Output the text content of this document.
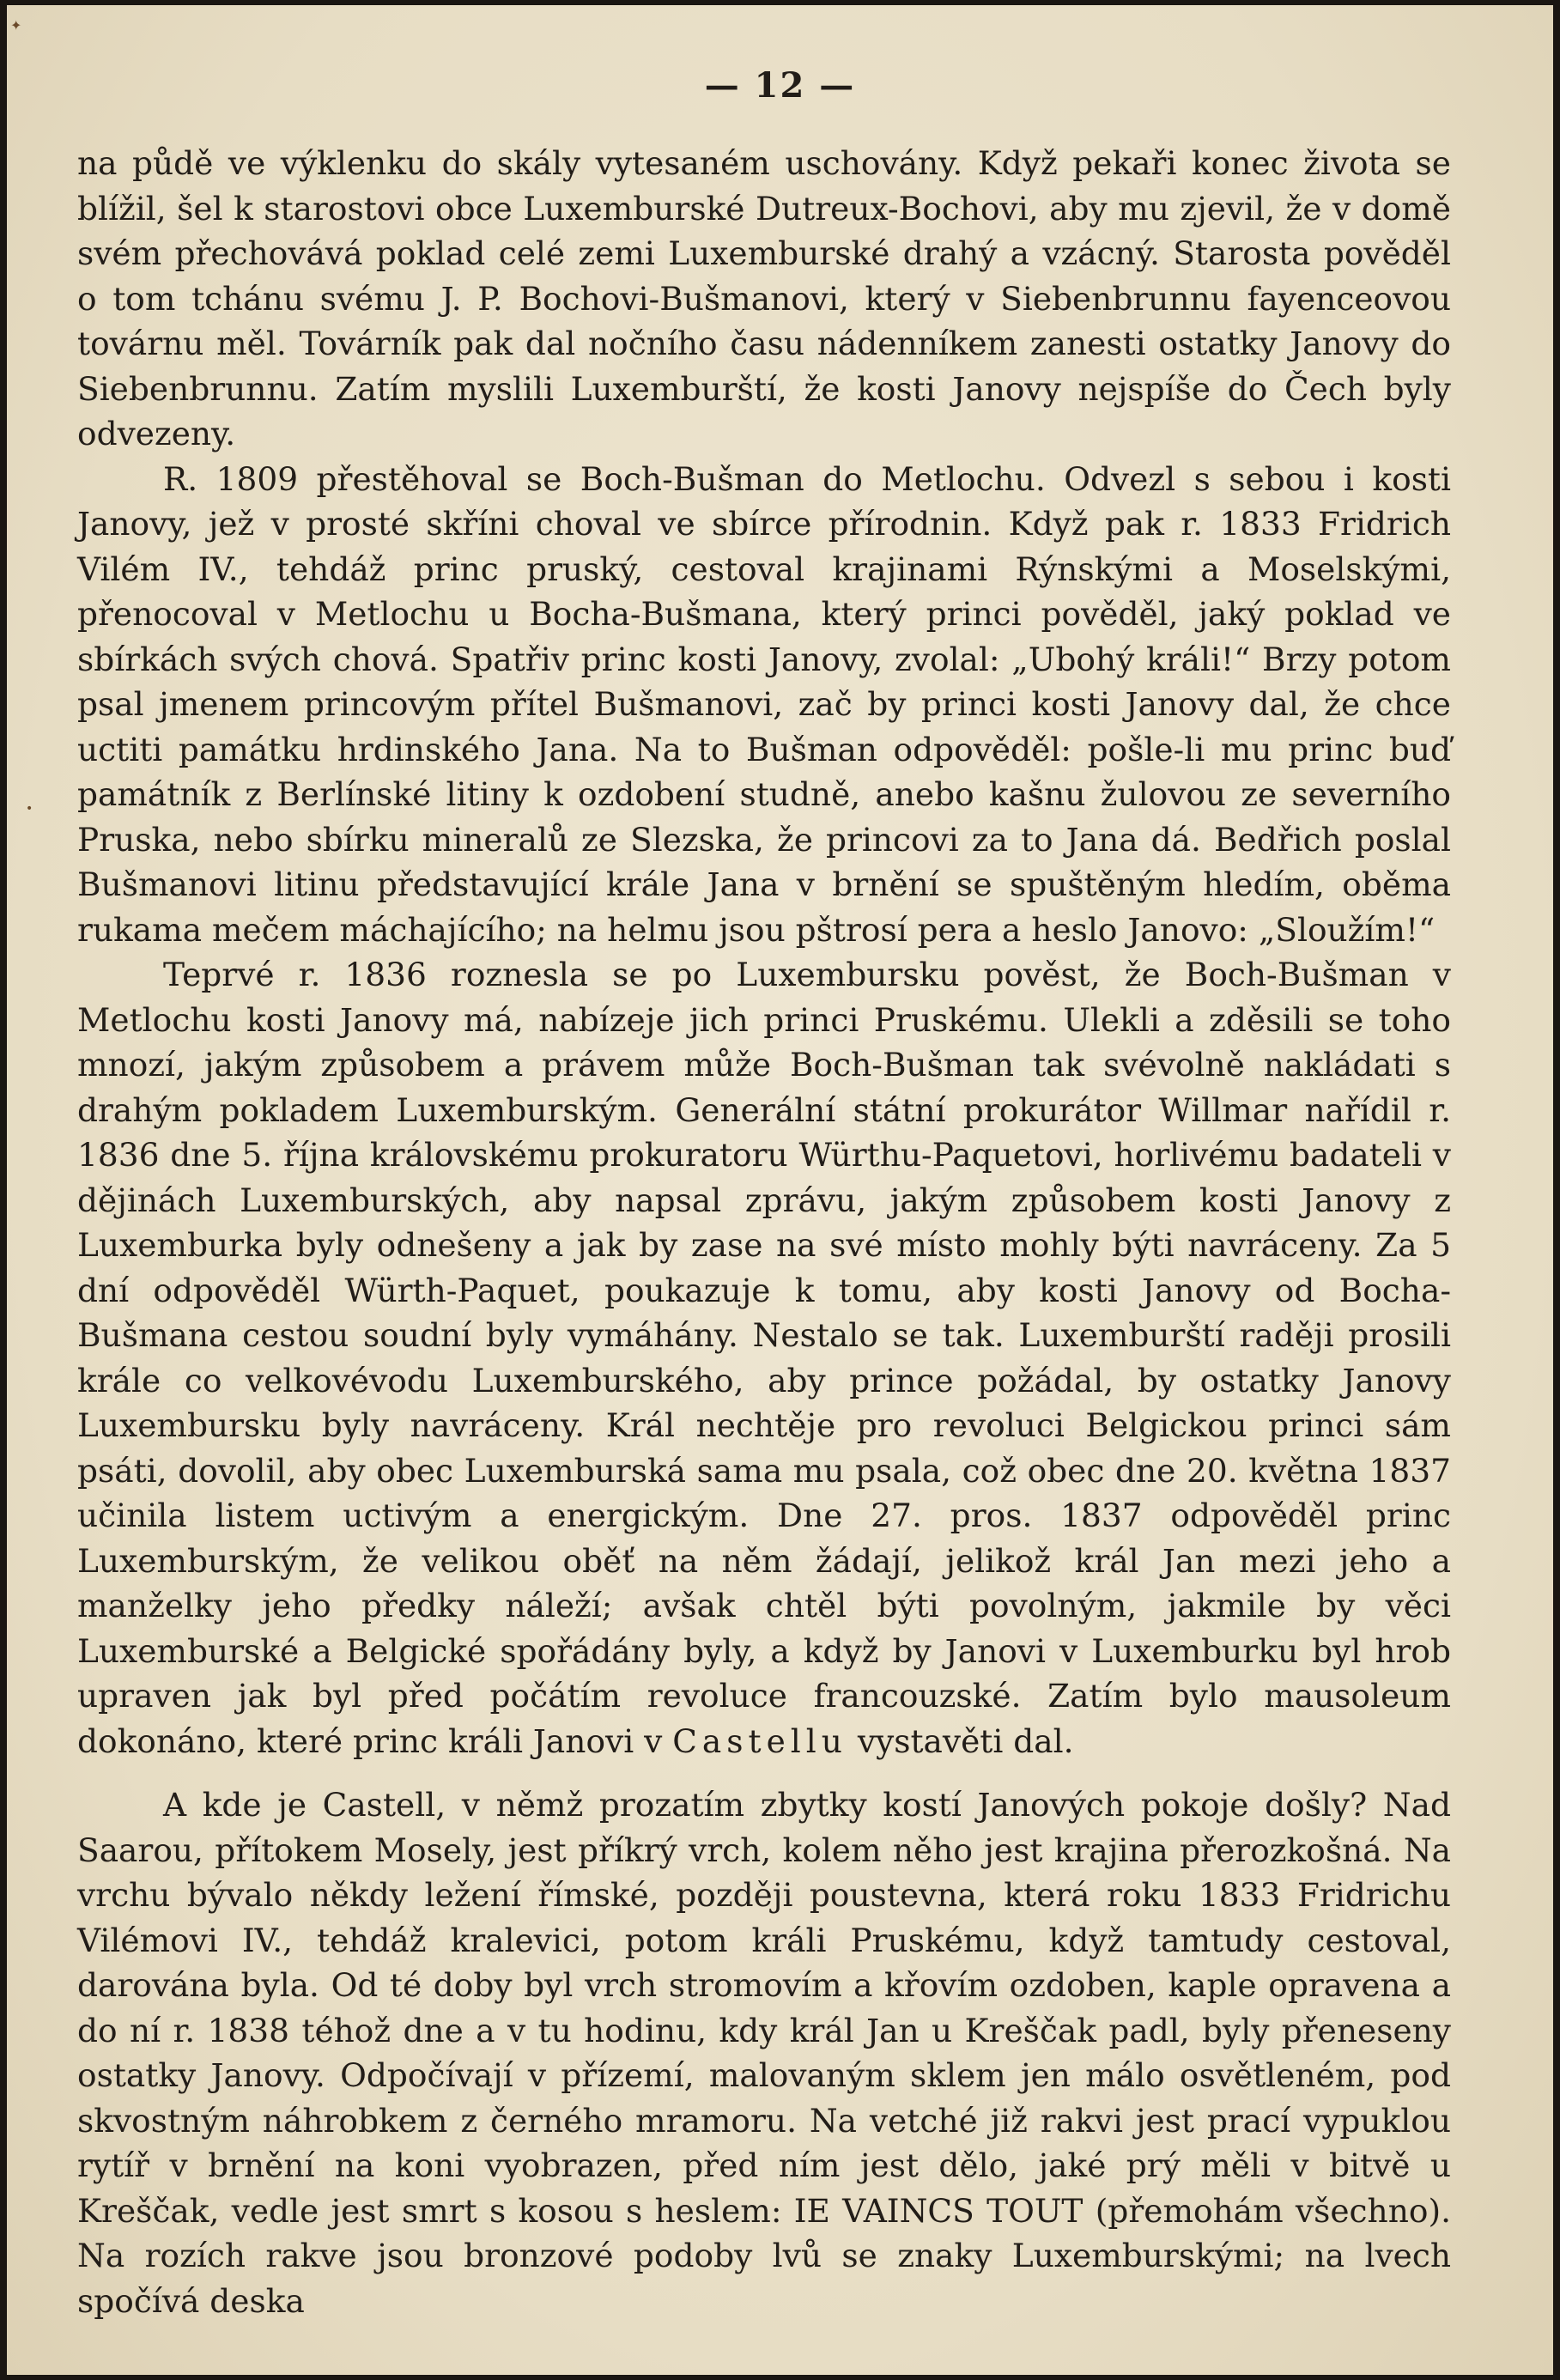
✦
•
— 12 —

na půdě ve výklenku do skály vytesaném uschovány. Když pekaři konec života se blížil, šel k starostovi obce Luxemburské Dutreux-Bochovi, aby mu zjevil, že v domě svém přechovává poklad celé zemi Luxemburské drahý a vzácný. Starosta pověděl o tom tchánu svému J. P. Bochovi-Bušmanovi, který v Siebenbrunnu fayenceovou továrnu měl. Továrník pak dal nočního času nádenníkem zanesti ostatky Janovy do Siebenbrunnu. Zatím myslili Luxemburští, že kosti Janovy nejspíše do Čech byly odvezeny.

R. 1809 přestěhoval se Boch-Bušman do Metlochu. Odvezl s sebou i kosti Janovy, jež v prosté skříni choval ve sbírce přírodnin. Když pak r. 1833 Fridrich Vilém IV., tehdáž princ pruský, cestoval krajinami Rýnskými a Moselskými, přenocoval v Metlochu u Bocha-Bušmana, který princi pověděl, jaký poklad ve sbírkách svých chová. Spatřiv princ kosti Janovy, zvolal: „Ubohý králi!“ Brzy potom psal jmenem princovým přítel Bušmanovi, zač by princi kosti Janovy dal, že chce uctiti památku hrdinského Jana. Na to Bušman odpověděl: pošle-li mu princ buď památník z Berlínské litiny k ozdobení studně, anebo kašnu žulovou ze severního Pruska, nebo sbírku mineralů ze Slezska, že princovi za to Jana dá. Bedřich poslal Bušmanovi litinu představující krále Jana v brnění se spuštěným hledím, oběma rukama mečem máchajícího; na helmu jsou pštrosí pera a heslo Janovo: „Sloužím!“

Teprvé r. 1836 roznesla se po Luxembursku pověst, že Boch-Bušman v Metlochu kosti Janovy má, nabízeje jich princi Pruskému. Ulekli a zděsili se toho mnozí, jakým způsobem a právem může Boch-Bušman tak svévolně nakládati s drahým pokladem Luxemburským. Generální státní prokurátor Willmar nařídil r. 1836 dne 5. října královskému prokuratoru Würthu-Paquetovi, horlivému badateli v dějinách Luxemburských, aby napsal zprávu, jakým způsobem kosti Janovy z Luxemburka byly odnešeny a jak by zase na své místo mohly býti navráceny. Za 5 dní odpověděl Würth-Paquet, poukazuje k tomu, aby kosti Janovy od Bocha-Bušmana cestou soudní byly vymáhány. Nestalo se tak. Luxemburští raději prosili krále co velkovévodu Luxemburského, aby prince požádal, by ostatky Janovy Luxembursku byly navráceny. Král nechtěje pro revoluci Belgickou princi sám psáti, dovolil, aby obec Luxemburská sama mu psala, což obec dne 20. května 1837 učinila listem uctivým a energickým. Dne 27. pros. 1837 odpověděl princ Luxemburským, že velikou oběť na něm žádají, jelikož král Jan mezi jeho a manželky jeho předky náleží; avšak chtěl býti povolným, jakmile by věci Luxemburské a Belgické spořádány byly, a když by Janovi v Luxemburku byl hrob upraven jak byl před počátím revoluce francouzské. Zatím bylo mausoleum dokonáno, které princ králi Janovi v Castellu vystavěti dal.

A kde je Castell, v němž prozatím zbytky kostí Janových pokoje došly? Nad Saarou, přítokem Mosely, jest příkrý vrch, kolem něho jest krajina přerozkošná. Na vrchu bývalo někdy ležení římské, později poustevna, která roku 1833 Fridrichu Vilémovi IV., tehdáž kralevici, potom králi Pruskému, když tamtudy cestoval, darována byla. Od té doby byl vrch stromovím a křovím ozdoben, kaple opravena a do ní r. 1838 téhož dne a v tu hodinu, kdy král Jan u Kreščak padl, byly přeneseny ostatky Janovy. Odpočívají v přízemí, malovaným sklem jen málo osvětleném, pod skvostným náhrobkem z černého mramoru. Na vetché již rakvi jest prací vypuklou rytíř v brnění na koni vyobrazen, před ním jest dělo, jaké prý měli v bitvě u Kreščak, vedle jest smrt s kosou s heslem: IE VAINCS TOUT (přemohám všechno). Na rozích rakve jsou bronzové podoby lvů se znaky Luxemburskými; na lvech spočívá deska
